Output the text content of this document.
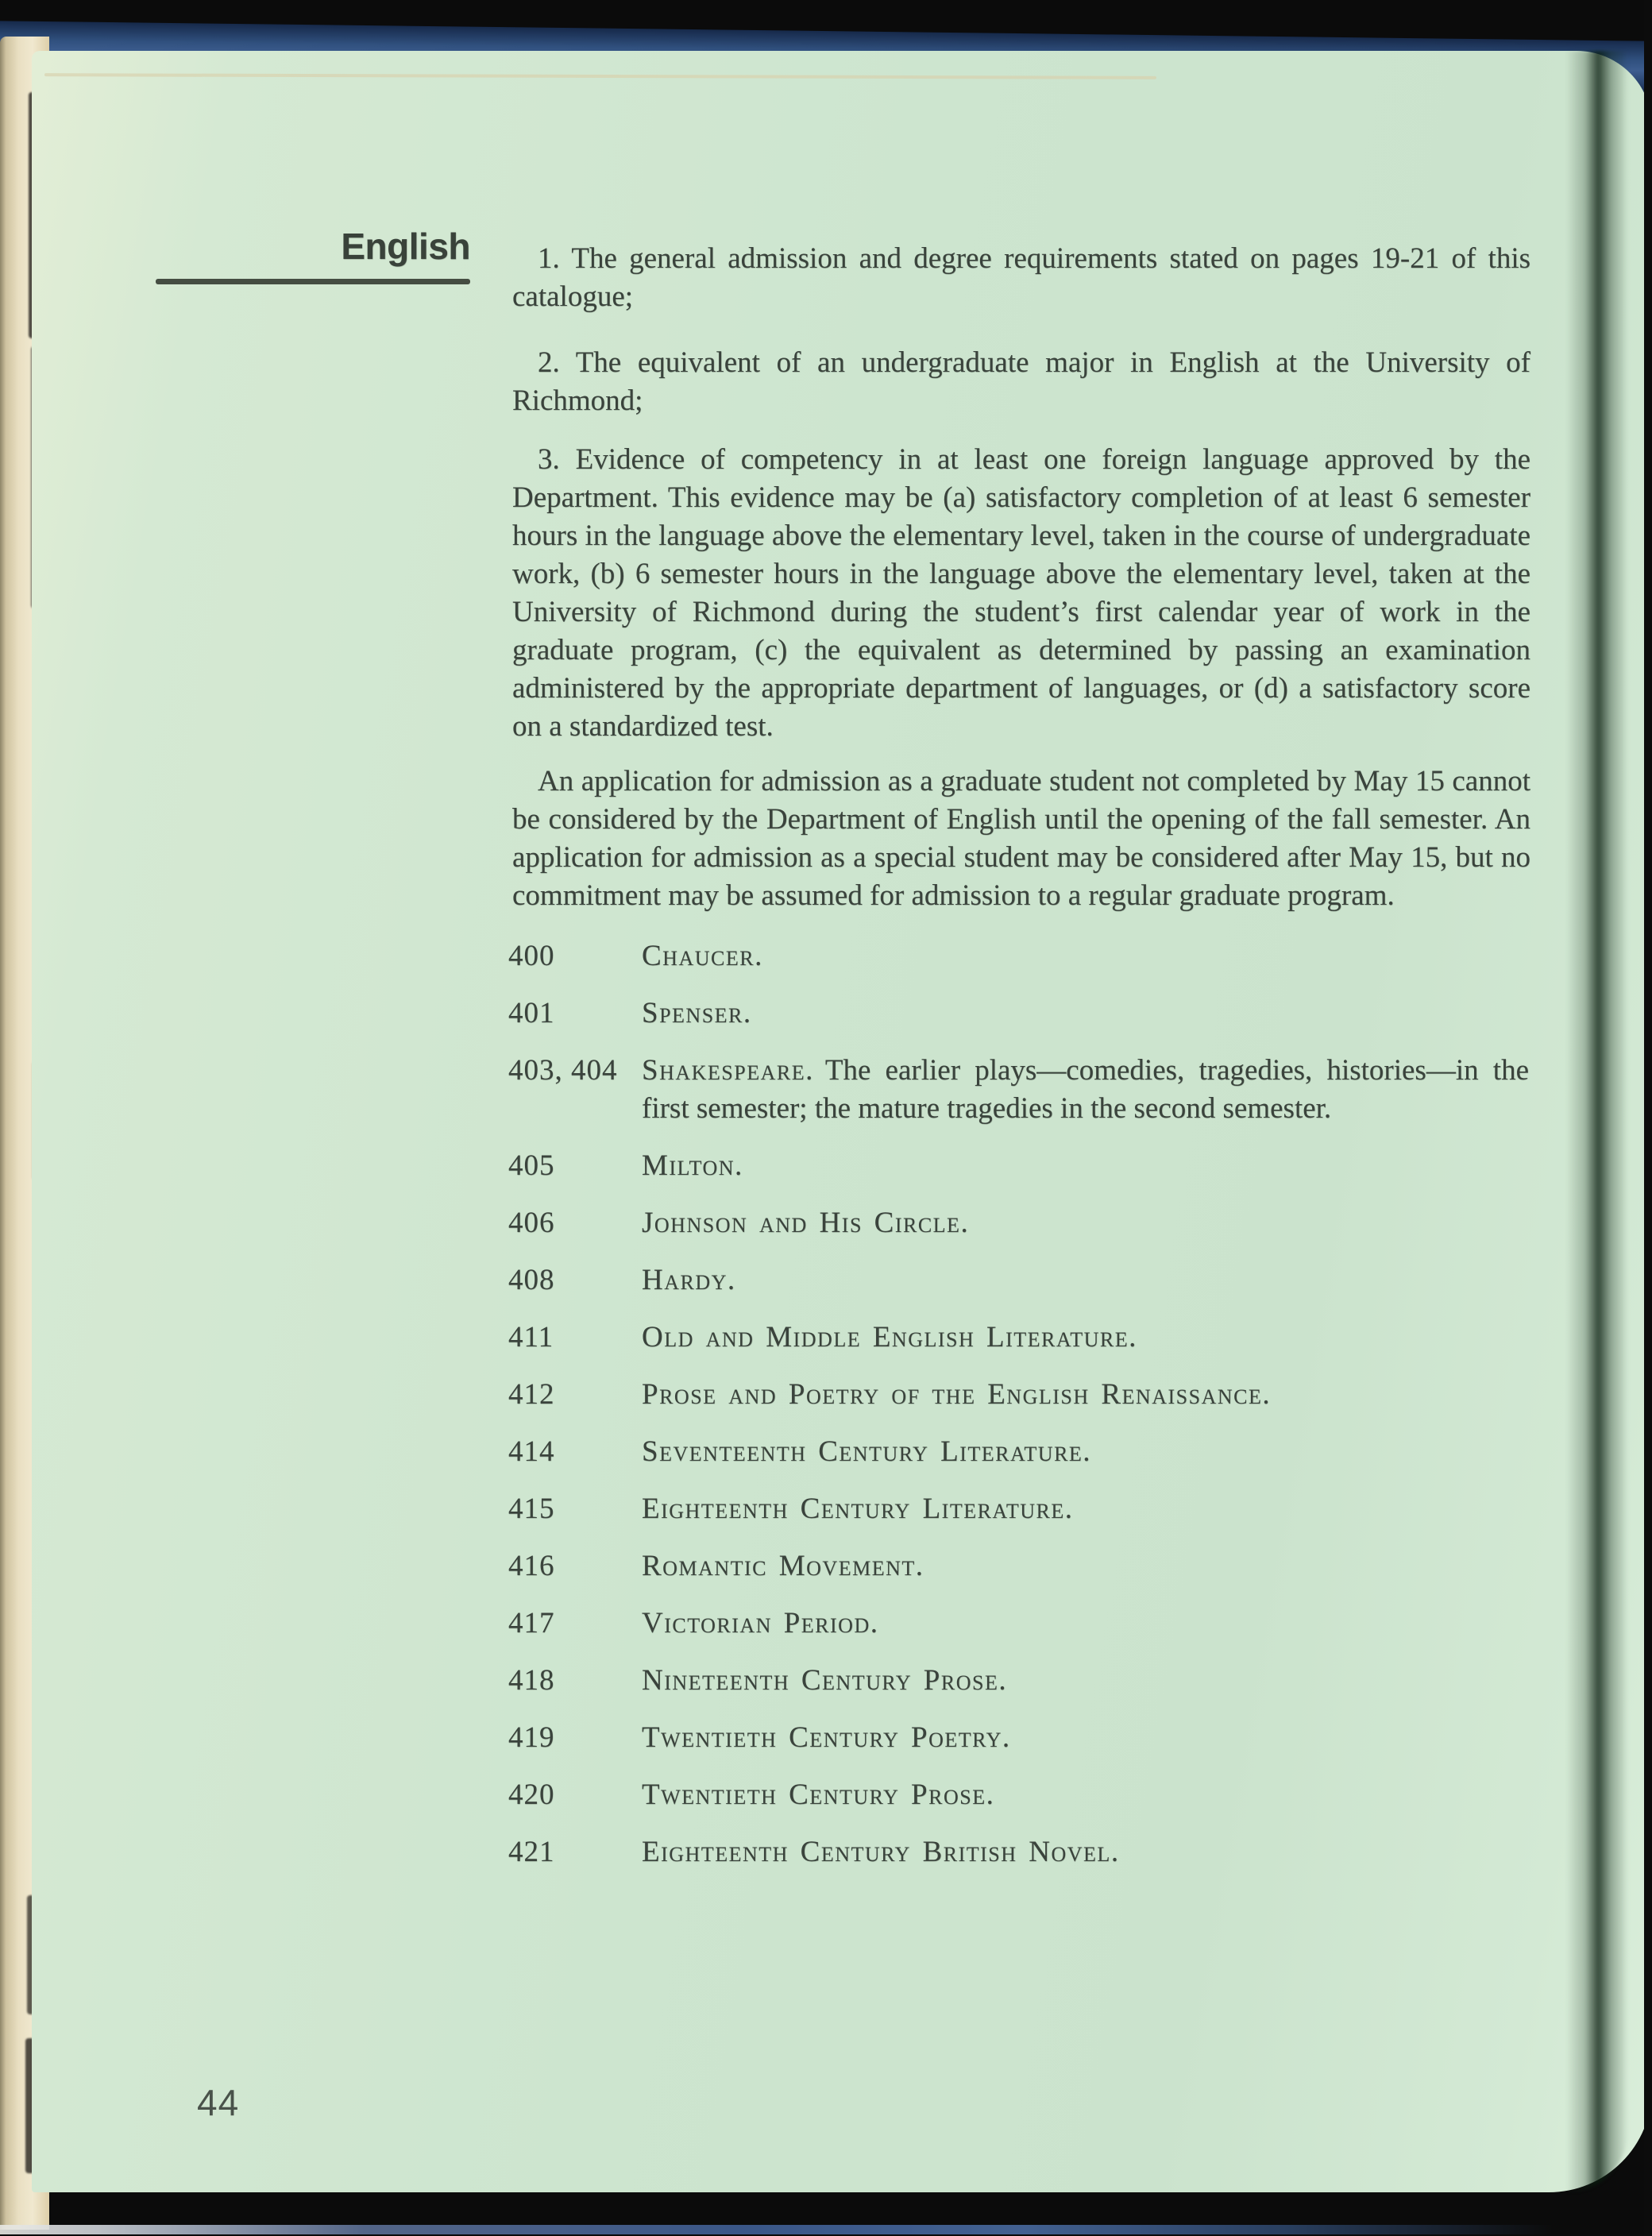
English	1. The general admission and degree requirements stated on pages 19-21 of this catalogue;

2. The equivalent of an undergraduate major in English at the University of Richmond;

3. Evidence of competency in at least one foreign language approved by the Department. This evidence may be (a) satisfactory completion of at least 6 semester hours in the language above the elementary level, taken in the course of undergraduate work, (b) 6 semester hours in the language above the elementary level, taken at the University of Richmond during the student’s first calendar year of work in the graduate program, (c) the equivalent as determined by passing an examination administered by the appropriate department of languages, or (d) a satisfactory score on a standardized test.

An application for admission as a graduate student not completed by May 15 cannot be considered by the Department of English until the opening of the fall semester. An application for admission as a special student may be considered after May 15, but no commitment may be assumed for admission to a regular graduate program.

400	Chaucer.
401	Spenser.
403, 404 Shakespeare. The earlier plays—comedies, tragedies, histories—in the first semester; the mature tragedies in the second semester.
405	Milton.
406	Johnson and His Circle.
408	Hardy.
411	Old and Middle English Literature.
412	Prose and Poetry of the English Renaissance.
414	Seventeenth Century Literature.
415	Eighteenth Century Literature.
416	Romantic Movement.
417	Victorian Period.
418	Nineteenth Century Prose.
419	Twentieth Century Poetry.
420	Twentieth Century Prose.
421	Eighteenth Century British Novel.
44
